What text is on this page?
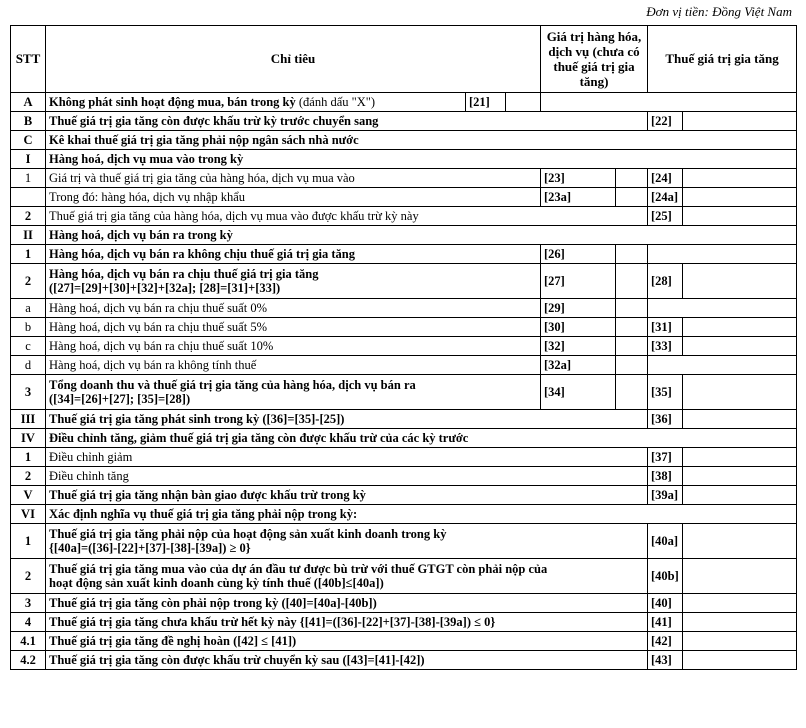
Đơn vị tiền: Đồng Việt Nam
STT	Chỉ tiêu			Giá trị hàng hóa, dịch vụ (chưa có thuế giá trị gia tăng)		Thuế giá trị gia tăng	
A	Không phát sinh hoạt động mua, bán trong kỳ (đánh dấu "X")	[21]					
B	Thuế giá trị gia tăng còn được khấu trừ kỳ trước chuyển sang					[22]	
C	Kê khai thuế giá trị gia tăng phải nộp ngân sách nhà nước						
I	Hàng hoá, dịch vụ mua vào trong kỳ						
1	Giá trị và thuế giá trị gia tăng của hàng hóa, dịch vụ mua vào			[23]		[24]	
	Trong đó: hàng hóa, dịch vụ nhập khẩu			[23a]		[24a]	
2	Thuế giá trị gia tăng của hàng hóa, dịch vụ mua vào được khấu trừ kỳ này					[25]	
II	Hàng hoá, dịch vụ bán ra trong kỳ						
1	Hàng hóa, dịch vụ bán ra không chịu thuế giá trị gia tăng			[26]			
2	Hàng hóa, dịch vụ bán ra chịu thuế giá trị gia tăng
([27]=[29]+[30]+[32]+[32a]; [28]=[31]+[33])			[27]		[28]	
a	Hàng hoá, dịch vụ bán ra chịu thuế suất 0%			[29]			
b	Hàng hoá, dịch vụ bán ra chịu thuế suất 5%			[30]		[31]	
c	Hàng hoá, dịch vụ bán ra chịu thuế suất 10%			[32]		[33]	
d	Hàng hoá, dịch vụ bán ra không tính thuế			[32a]			
3	Tổng doanh thu và thuế giá trị gia tăng của hàng hóa, dịch vụ bán ra
([34]=[26]+[27]; [35]=[28])			[34]		[35]	
III	Thuế giá trị gia tăng phát sinh trong kỳ ([36]=[35]-[25])					[36]	
IV	Điều chỉnh tăng, giảm thuế giá trị gia tăng còn được khấu trừ của các kỳ trước						
1	Điều chỉnh giảm					[37]	
2	Điều chỉnh tăng					[38]	
V	Thuế giá trị gia tăng nhận bàn giao được khấu trừ trong kỳ					[39a]	
VI	Xác định nghĩa vụ thuế giá trị gia tăng phải nộp trong kỳ:						
1	Thuế giá trị gia tăng phải nộp của hoạt động sản xuất kinh doanh trong kỳ
{[40a]=([36]-[22]+[37]-[38]-[39a]) ≥ 0}					[40a]	
2	Thuế giá trị gia tăng mua vào của dự án đầu tư được bù trừ với thuế GTGT còn phải nộp của
hoạt động sản xuất kinh doanh cùng kỳ tính thuế ([40b]≤[40a])					[40b]	
3	Thuế giá trị gia tăng còn phải nộp trong kỳ ([40]=[40a]-[40b])					[40]	
4	Thuế giá trị gia tăng chưa khấu trừ hết kỳ này {[41]=([36]-[22]+[37]-[38]-[39a]) ≤ 0}					[41]	
4.1	Thuế giá trị gia tăng đề nghị hoàn ([42] ≤ [41])					[42]	
4.2	Thuế giá trị gia tăng còn được khấu trừ chuyển kỳ sau ([43]=[41]-[42])					[43]	
